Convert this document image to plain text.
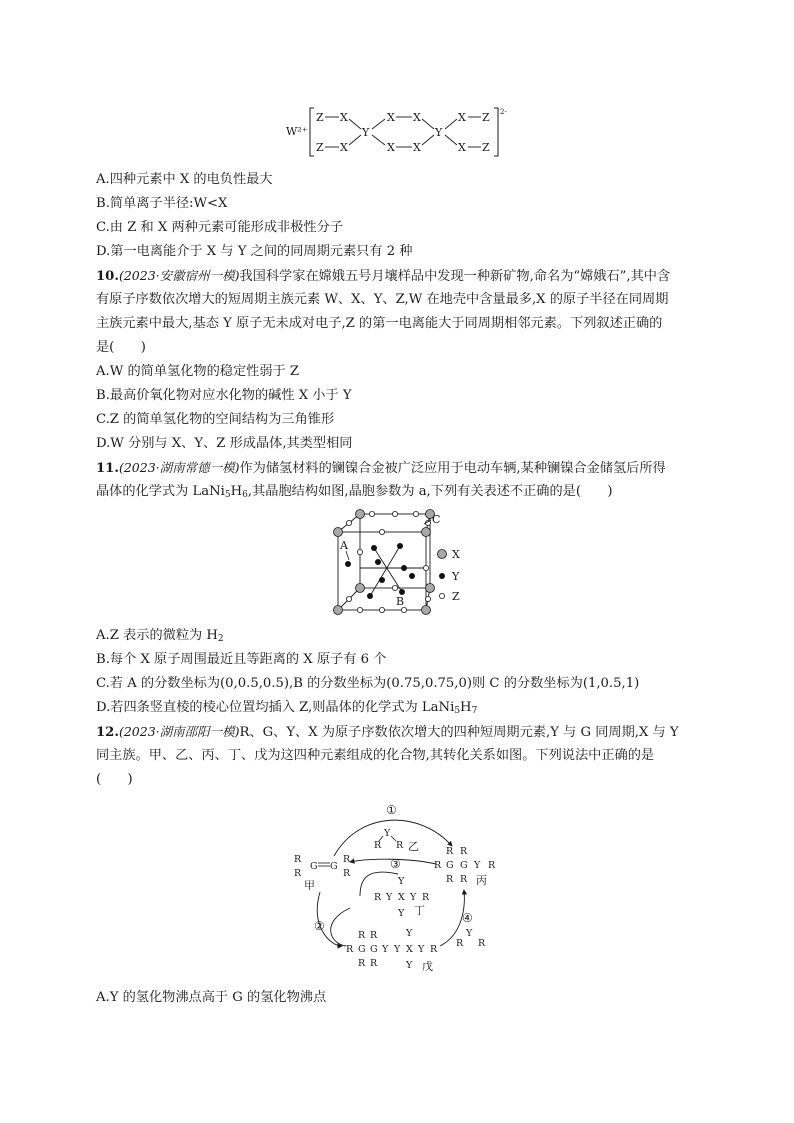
W²⁺
2-
Z X
Z X
Y
X X
X X
Y
X Z
X Z
A.四种元素中 X 的电负性最大
B.简单离子半径:W<X
C.由 Z 和 X 两种元素可能形成非极性分子
D.第一电离能介于 X 与 Y 之间的同周期元素只有 2 种
10.(2023·安徽宿州一模)我国科学家在嫦娥五号月壤样品中发现一种新矿物,命名为“嫦娥石”,其中含
有原子序数依次增大的短周期主族元素 W、X、Y、Z,W 在地壳中含量最多,X 的原子半径在同周期
主族元素中最大,基态 Y 原子无未成对电子,Z 的第一电离能大于同周期相邻元素。下列叙述正确的
是(　　)
A.W 的简单氢化物的稳定性弱于 Z
B.最高价氧化物对应水化物的碱性 X 小于 Y
C.Z 的简单氢化物的空间结构为三角锥形
D.W 分别与 X、Y、Z 形成晶体,其类型相同
11.(2023·湖南常德一模)作为储氢材料的镧镍合金被广泛应用于电动车辆,某种镧镍合金储氢后所得
晶体的化学式为 $LaNi_5H_6$,其晶胞结构如图,晶胞参数为 a,下列有关表述不正确的是(　　)
A
B
C
X
Y
Z
A.Z 表示的微粒为 $H_2$
B.每个 X 原子周围最近且等距离的 X 原子有 6 个
C.若 A 的分数坐标为(0,0.5,0.5),B 的分数坐标为(0.75,0.75,0)则 C 的分数坐标为(1,0.5,1)
D.若四条竖直棱的棱心位置均插入 Z,则晶体的化学式为 $LaNi_5H_7$
12.(2023·湖南邵阳一模)R、G、Y、X 为原子序数依次增大的四种短周期元素,Y 与 G 同周期,X 与 Y
同主族。甲、乙、丙、丁、戊为这四种元素组成的化合物,其转化关系如图。下列说法中正确的是
(　　)
①
②
③
④
Y
R R 乙
R
R
G G
R
R
甲
R R
R G G Y R
R R 丙
Y
R Y X Y R
Y 丁
Y
R R
R G G Y Y X Y R
R R	Y 戊
Y
R R
A.Y 的氢化物沸点高于 G 的氢化物沸点
